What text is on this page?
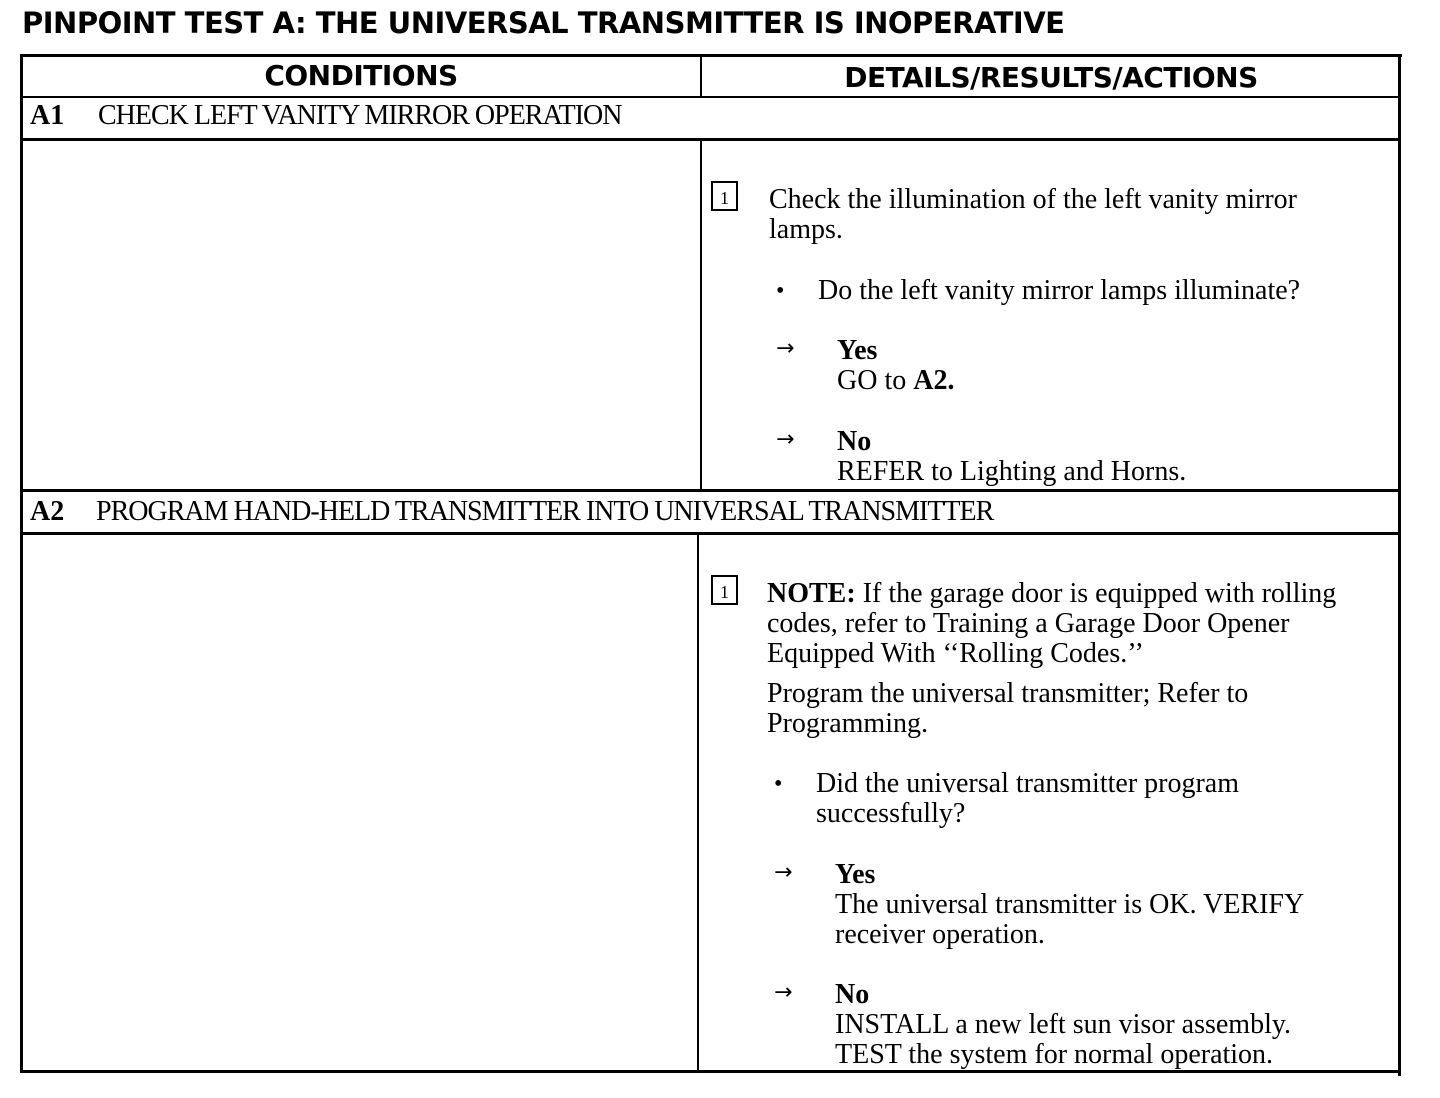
PINPOINT TEST A: THE UNIVERSAL TRANSMITTER IS INOPERATIVE
CONDITIONS	DETAILS/RESULTS/ACTIONS
A1 CHECK LEFT VANITY MIRROR OPERATION
1	Check the illumination of the left vanity mirror
lamps.
• Do the left vanity mirror lamps illuminate?
→ Yes
GO to A2.
→ No
REFER to Lighting and Horns.
A2 PROGRAM HAND-HELD TRANSMITTER INTO UNIVERSAL TRANSMITTER
1	NOTE: If the garage door is equipped with rolling
codes, refer to Training a Garage Door Opener
Equipped With ‘‘Rolling Codes.’’
Program the universal transmitter; Refer to
Programming.
• Did the universal transmitter program
successfully?
→ Yes
The universal transmitter is OK. VERIFY
receiver operation.
→ No
INSTALL a new left sun visor assembly.
TEST the system for normal operation.
